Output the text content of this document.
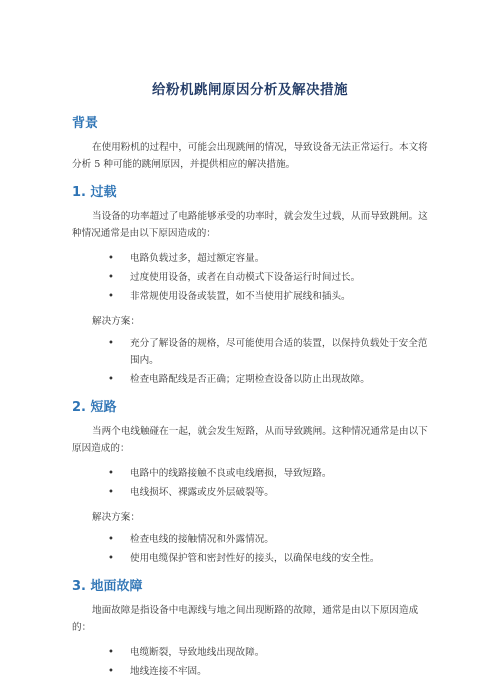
给粉机跳闸原因分析及解决措施
背景
在使用粉机的过程中，可能会出现跳闸的情况，导致设备无法正常运行。本文将分析 5 种可能的跳闸原因，并提供相应的解决措施。
1. 过载
当设备的功率超过了电路能够承受的功率时，就会发生过载，从而导致跳闸。这种情况通常是由以下原因造成的：
• 电路负载过多，超过额定容量。
• 过度使用设备，或者在自动模式下设备运行时间过长。
• 非常规使用设备或装置，如不当使用扩展线和插头。
解决方案：
• 充分了解设备的规格，尽可能使用合适的装置，以保持负载处于安全范围内。
• 检查电路配线是否正确；定期检查设备以防止出现故障。
2. 短路
当两个电线触碰在一起，就会发生短路，从而导致跳闸。这种情况通常是由以下原因造成的：
• 电路中的线路接触不良或电线磨损，导致短路。
• 电线损坏、裸露或皮外层破裂等。
解决方案：
• 检查电线的接触情况和外露情况。
• 使用电缆保护管和密封性好的接头，以确保电线的安全性。
3. 地面故障
地面故障是指设备中电源线与地之间出现断路的故障，通常是由以下原因造成的：
• 电缆断裂，导致地线出现故障。
• 地线连接不牢固。
